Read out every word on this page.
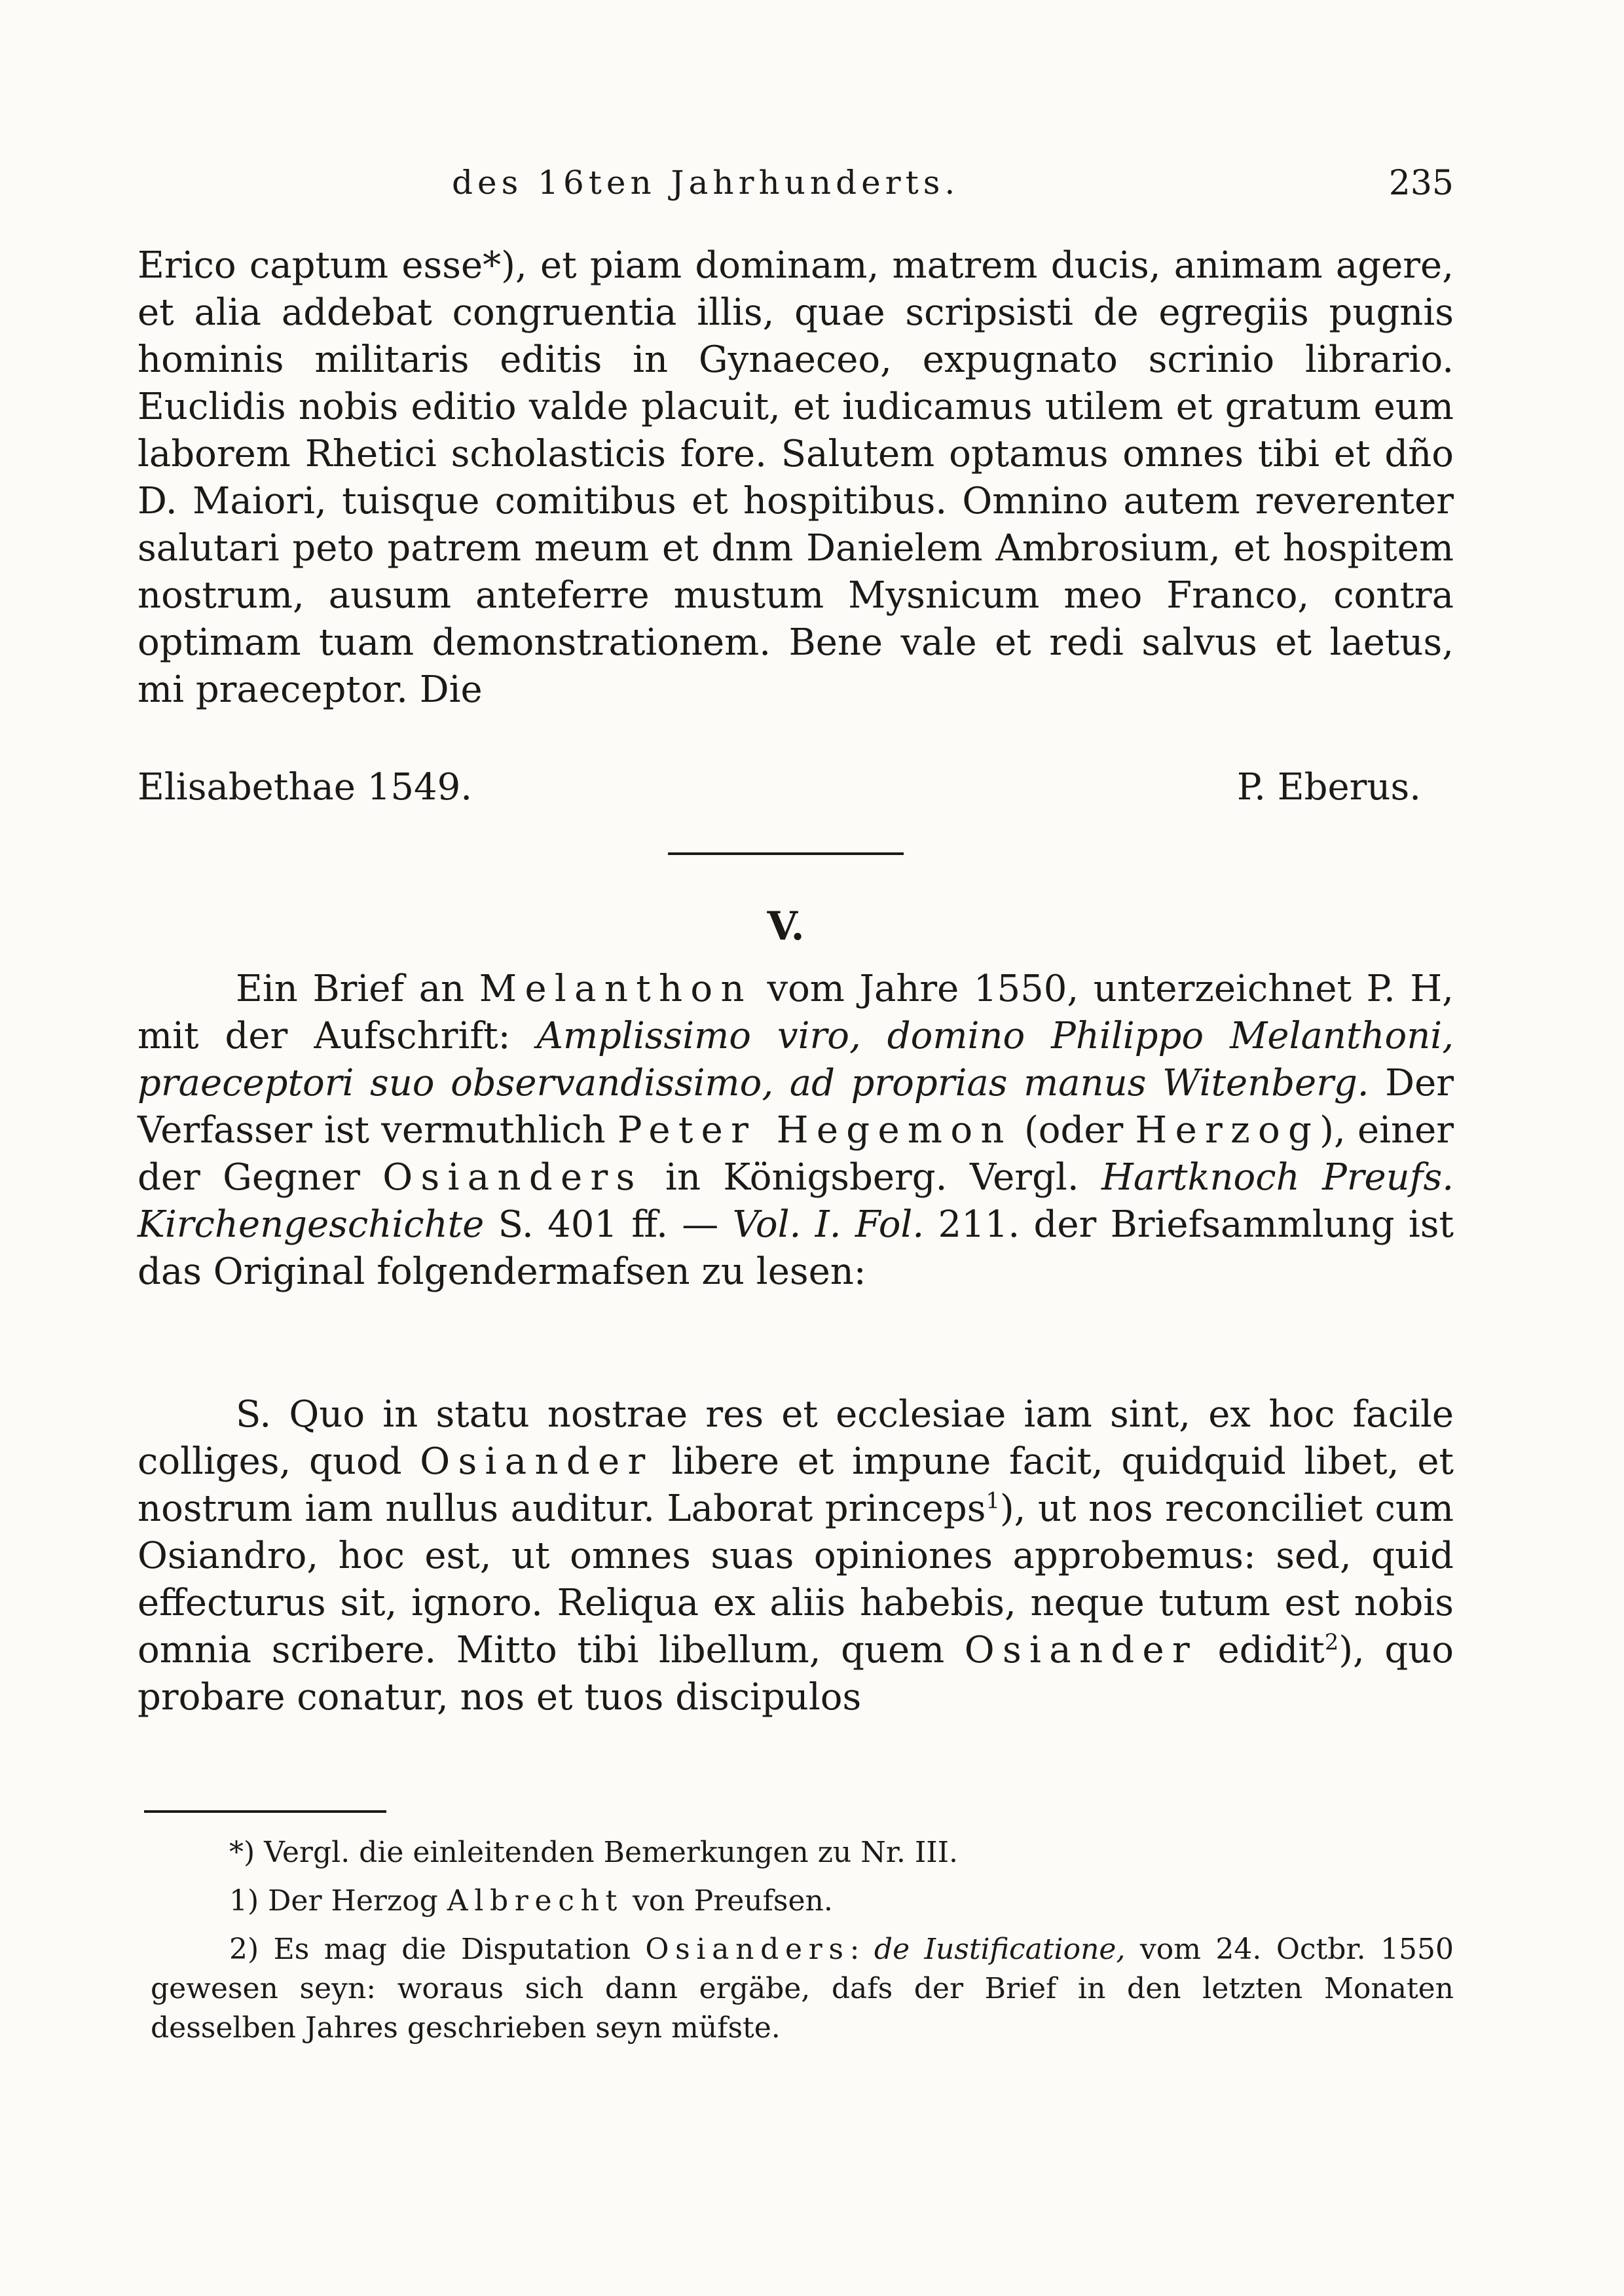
des 16ten Jahrhunderts.	235

Erico captum esse*), et piam dominam, matrem ducis, animam agere, et alia addebat congruentia illis, quae scripsisti de egregiis pugnis hominis militaris editis in Gynaeceo, expugnato scrinio librario. Euclidis nobis editio valde placuit, et iudicamus utilem et gratum eum laborem Rhetici scholasticis fore. Salutem optamus omnes tibi et dño D. Maiori, tuisque comitibus et hospitibus. Omnino autem reverenter salutari peto patrem meum et dnm Danielem Ambrosium, et hospitem nostrum, ausum anteferre mustum Mysnicum meo Franco, contra optimam tuam demonstrationem. Bene vale et redi salvus et laetus, mi praeceptor. Die

Elisabethae 1549.	P. Eberus.
V.

Ein Brief an Melanthon vom Jahre 1550, unterzeichnet P. H, mit der Aufschrift: Amplissimo viro, domino Philippo Melanthoni, praeceptori suo observandissimo, ad proprias manus Witenberg. Der Verfasser ist vermuthlich Peter Hegemon (oder Herzog), einer der Gegner Osianders in Königsberg. Vergl. Hartknoch Preufs. Kirchengeschichte S. 401 ff. — Vol. I. Fol. 211. der Briefsammlung ist das Original folgendermafsen zu lesen:

S. Quo in statu nostrae res et ecclesiae iam sint, ex hoc facile colliges, quod Osiander libere et impune facit, quidquid libet, et nostrum iam nullus auditur. Laborat princeps$^1$), ut nos reconciliet cum Osiandro, hoc est, ut omnes suas opiniones approbemus: sed, quid effecturus sit, ignoro. Reliqua ex aliis habebis, neque tutum est nobis omnia scribere. Mitto tibi libellum, quem Osiander edidit$^2$), quo probare conatur, nos et tuos discipulos

*) Vergl. die einleitenden Bemerkungen zu Nr. III.

1) Der Herzog Albrecht von Preufsen.

2) Es mag die Disputation Osianders: de Iustificatione, vom 24. Octbr. 1550 gewesen seyn: woraus sich dann ergäbe, dafs der Brief in den letzten Monaten desselben Jahres geschrieben seyn müfste.
